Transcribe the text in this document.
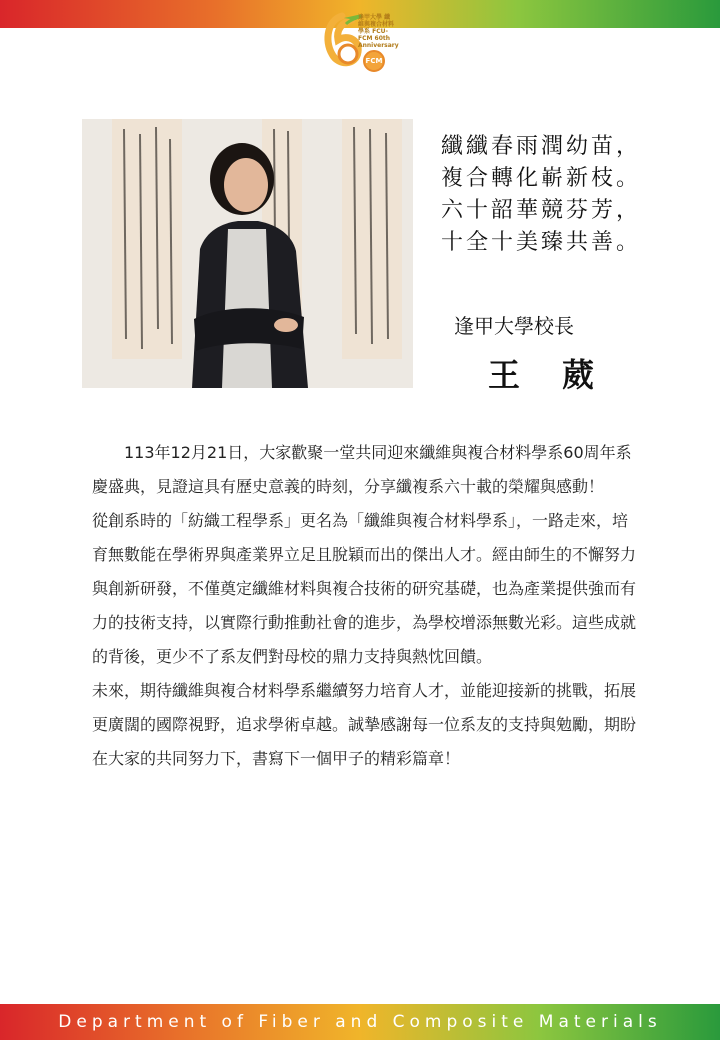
逢甲大學 纖維與複合材料學系 FCU-FCM 60th Anniversary
FCM
纖纖春雨潤幼苗，
複合轉化嶄新枝。
六十韶華競芬芳，
十全十美臻共善。
逢甲大學校長
王葳

113年12月21日，大家歡聚一堂共同迎來纖維與複合材料學系60周年系慶盛典，見證這具有歷史意義的時刻，分享纖複系六十載的榮耀與感動！

從創系時的「紡織工程學系」更名為「纖維與複合材料學系」，一路走來，培育無數能在學術界與產業界立足且脫穎而出的傑出人才。經由師生的不懈努力與創新研發，不僅奠定纖維材料與複合技術的研究基礎，也為產業提供強而有力的技術支持，以實際行動推動社會的進步，為學校增添無數光彩。這些成就的背後，更少不了系友們對母校的鼎力支持與熱忱回饋。

未來，期待纖維與複合材料學系繼續努力培育人才，並能迎接新的挑戰，拓展更廣闊的國際視野，追求學術卓越。誠摯感謝每一位系友的支持與勉勵，期盼在大家的共同努力下，書寫下一個甲子的精彩篇章！

Department of Fiber and Composite Materials
